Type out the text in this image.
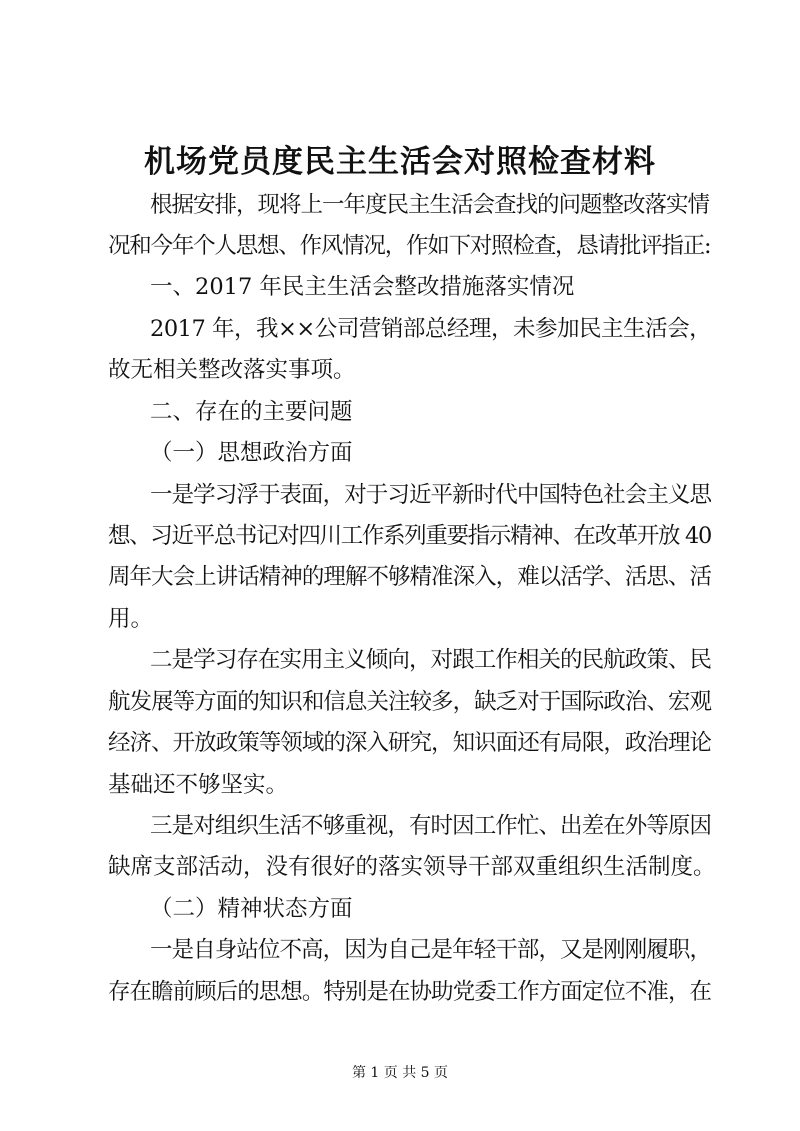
机场党员度民主生活会对照检查材料
根据安排，现将上一年度民主生活会查找的问题整改落实情
况和今年个人思想、作风情况，作如下对照检查，恳请批评指正:
一、2017 年民主生活会整改措施落实情况
2017 年，我××公司营销部总经理，未参加民主生活会，
故无相关整改落实事项。
二、存在的主要问题
（一）思想政治方面
一是学习浮于表面，对于习近平新时代中国特色社会主义思
想、习近平总书记对四川工作系列重要指示精神、在改革开放 40
周年大会上讲话精神的理解不够精准深入，难以活学、活思、活
用。
二是学习存在实用主义倾向，对跟工作相关的民航政策、民
航发展等方面的知识和信息关注较多，缺乏对于国际政治、宏观
经济、开放政策等领域的深入研究，知识面还有局限，政治理论
基础还不够坚实。
三是对组织生活不够重视，有时因工作忙、出差在外等原因
缺席支部活动，没有很好的落实领导干部双重组织生活制度。
（二）精神状态方面
一是自身站位不高，因为自己是年轻干部，又是刚刚履职，
存在瞻前顾后的思想。特别是在协助党委工作方面定位不准，在
第 1 页 共 5 页
